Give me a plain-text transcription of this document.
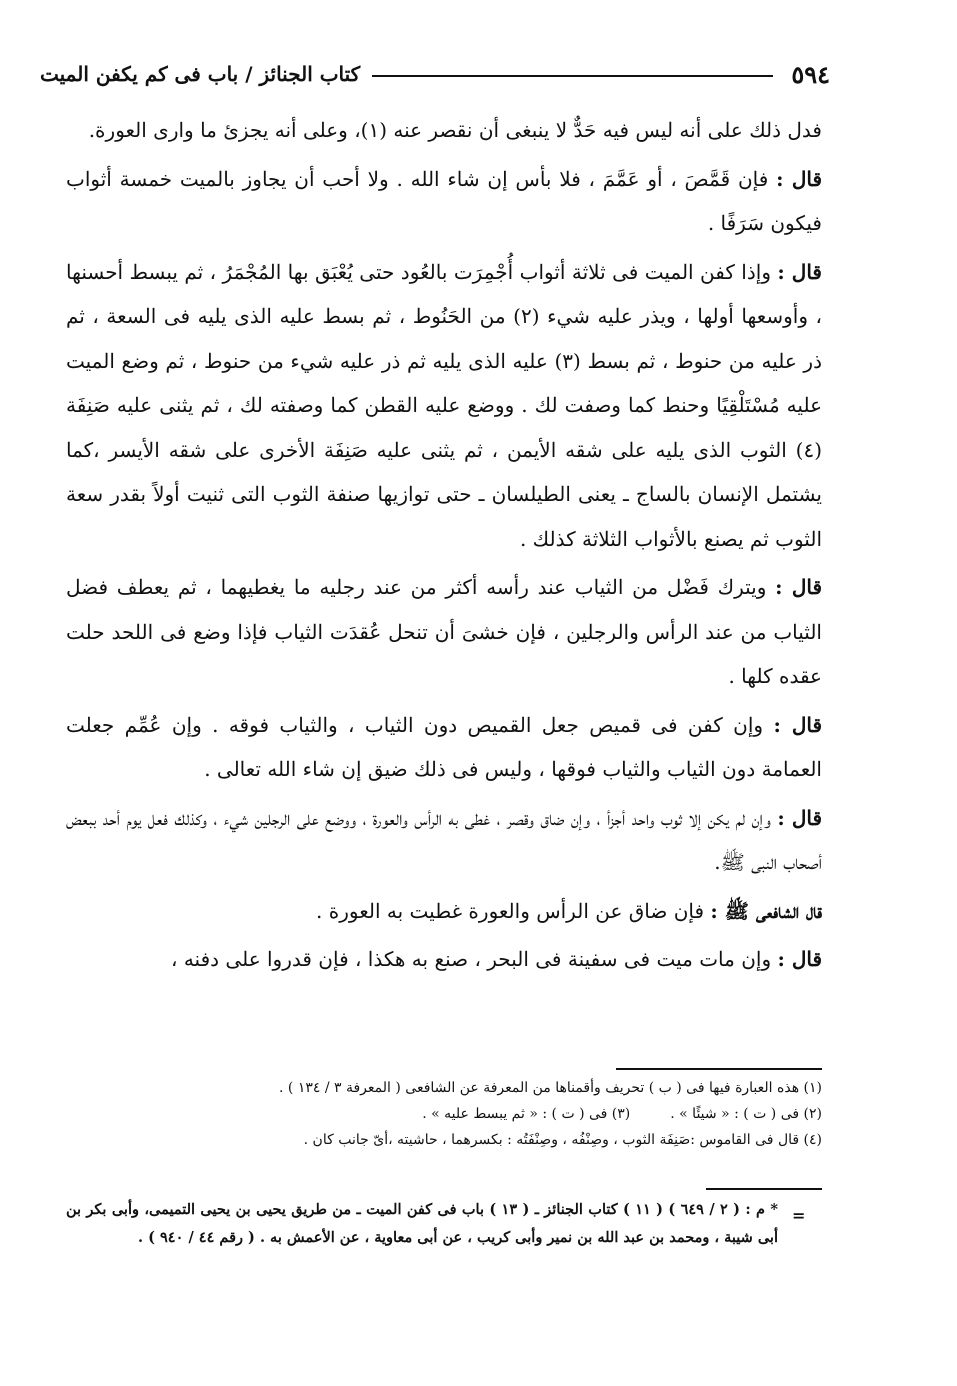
٥٩٤
كتاب الجنائز / باب فى كم يكفن الميت

فدل ذلك على أنه ليس فيه حَدٌّ لا ينبغى أن نقصر عنه (١)، وعلى أنه يجزئ ما وارى العورة.

قال : فإن قَمَّصَ ، أو عَمَّمَ ، فلا بأس إن شاء الله . ولا أحب أن يجاوز بالميت خمسة أثواب فيكون سَرَفًا .

قال : وإذا كفن الميت فى ثلاثة أثواب أُجْمِرَت بالعُود حتى يُعْبَق بها المُجْمَرُ ، ثم يبسط أحسنها ، وأوسعها أولها ، ويذر عليه شيء (٢) من الحَنُوط ، ثم بسط عليه الذى يليه فى السعة ، ثم ذر عليه من حنوط ، ثم بسط (٣) عليه الذى يليه ثم ذر عليه شيء من حنوط ، ثم وضع الميت عليه مُسْتَلْقِيًا وحنط كما وصفت لك . ووضع عليه القطن كما وصفته لك ، ثم يثنى عليه صَنِفَة (٤) الثوب الذى يليه على شقه الأيمن ، ثم يثنى عليه صَنِفَة الأخرى على شقه الأيسر ،كما يشتمل الإنسان بالساج ـ يعنى الطيلسان ـ حتى توازيها صنفة الثوب التى ثنيت أولاً بقدر سعة الثوب ثم يصنع بالأثواب الثلاثة كذلك .

قال : ويترك فَضْل من الثياب عند رأسه أكثر من عند رجليه ما يغطيهما ، ثم يعطف فضل الثياب من عند الرأس والرجلين ، فإن خشىَ أن تنحل عُقدَت الثياب فإذا وضع فى اللحد حلت عقده كلها .

قال : وإن كفن فى قميص جعل القميص دون الثياب ، والثياب فوقه . وإن عُمِّم جعلت العمامة دون الثياب والثياب فوقها ، وليس فى ذلك ضيق إن شاء الله تعالى .

قال : وإن لم يكن إلا ثوب واحد أجزأ ، وإن ضاق وقصر ، غطى به الرأس والعورة ، ووضع على الرجلين شيء ، وكذلك فعل يوم أحد ببعض أصحاب النبى ﷺ.

قال الشافعى ﷺ : فإن ضاق عن الرأس والعورة غطيت به العورة .

قال : وإن مات ميت فى سفينة فى البحر ، صنع به هكذا ، فإن قدروا على دفنه ،

(١) هذه العبارة فيها فى ( ب ) تحريف وأقمناها من المعرفة عن الشافعى ( المعرفة ٣ / ١٣٤ ) .
(٢) فى ( ت ) : « شيئًا » .
(٣) فى ( ت ) : « ثم يبسط عليه » .
(٤) قال فى القاموس :صَنِفَة الثوب ، وصِنْفُه ، وصِنْفَتُه : بكسرهما ، حاشيته ،أىّ جانب كان .
=
* م : ( ٢ / ٦٤٩ ) ( ١١ ) كتاب الجنائز ـ ( ١٣ ) باب فى كفن الميت ـ من طريق يحيى بن يحيى التميمى، وأبى بكر بن أبى شيبة ، ومحمد بن عبد الله بن نمير وأبى كريب ، عن أبى معاوية ، عن الأعمش به . ( رقم ٤٤ / ٩٤٠ ) .
